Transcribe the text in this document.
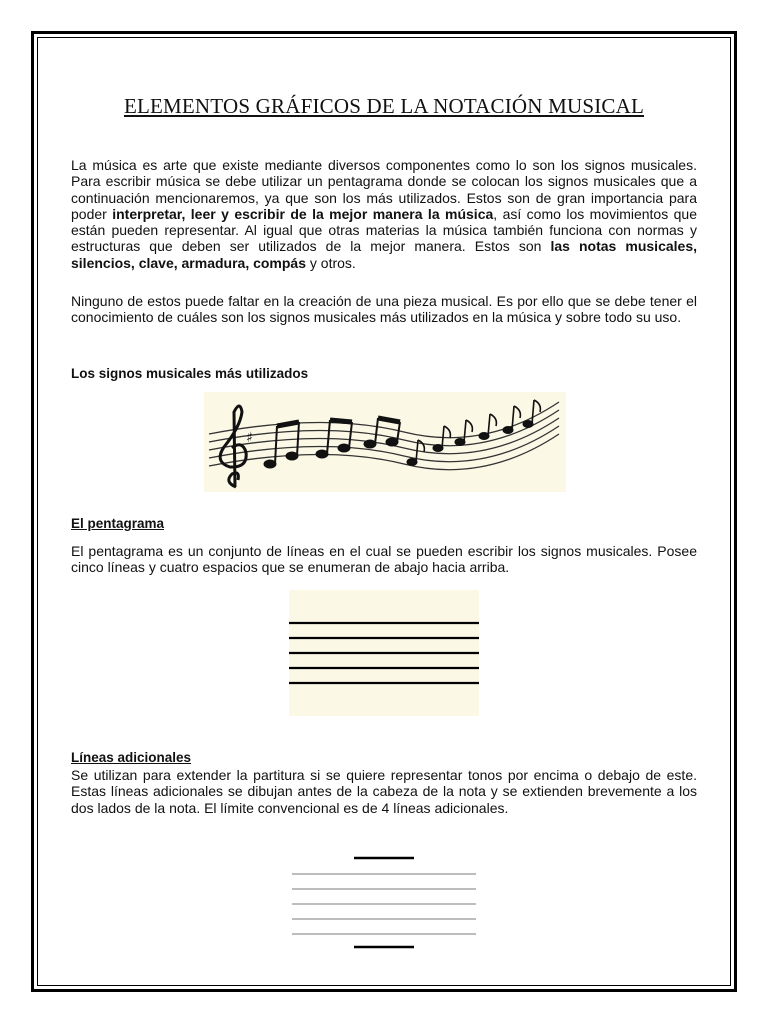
ELEMENTOS GRÁFICOS DE LA NOTACIÓN MUSICAL
La música es arte que existe mediante diversos componentes como lo son los signos musicales. Para escribir música se debe utilizar un pentagrama donde se colocan los signos musicales que a continuación mencionaremos, ya que son los más utilizados. Estos son de gran importancia para poder interpretar, leer y escribir de la mejor manera la música, así como los movimientos que están pueden representar. Al igual que otras materias la música también funciona con normas y estructuras que deben ser utilizados de la mejor manera. Estos son las notas musicales, silencios, clave, armadura, compás y otros.
Ninguno de estos puede faltar en la creación de una pieza musical. Es por ello que se debe tener el conocimiento de cuáles son los signos musicales más utilizados en la música y sobre todo su uso.
Los signos musicales más utilizados
♯
El pentagrama
El pentagrama es un conjunto de líneas en el cual se pueden escribir los signos musicales. Posee cinco líneas y cuatro espacios que se enumeran de abajo hacia arriba.
Líneas adicionales
Se utilizan para extender la partitura si se quiere representar tonos por encima o debajo de este. Estas líneas adicionales se dibujan antes de la cabeza de la nota y se extienden brevemente a los dos lados de la nota. El límite convencional es de 4 líneas adicionales.
